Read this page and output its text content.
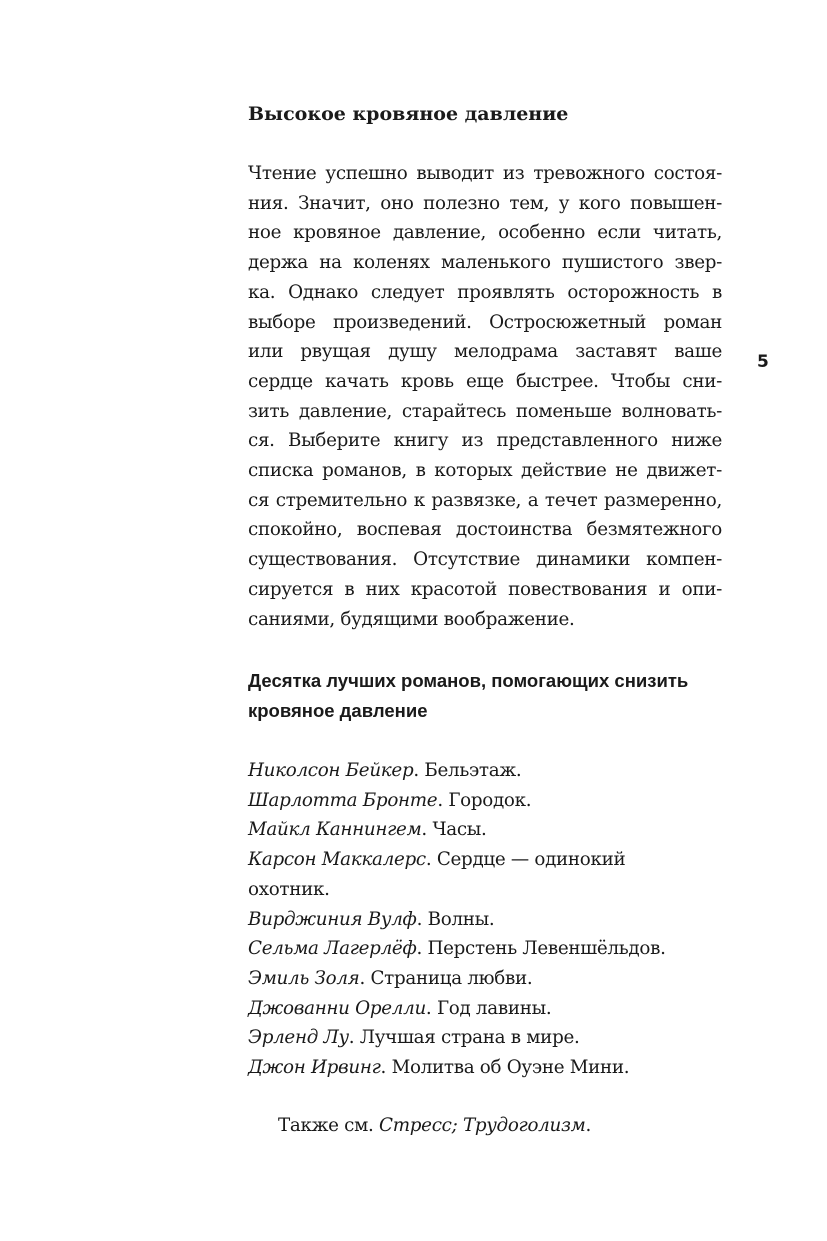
Высокое кровяное давление
5

Чтение успешно выводит из тревожного состоя-
ния. Значит, оно полезно тем, у кого повышен-
ное кровяное давление, особенно если читать,
держа на коленях маленького пушистого звер-
ка. Однако следует проявлять осторожность в
выборе произведений. Остросюжетный роман
или рвущая душу мелодрама заставят ваше
сердце качать кровь еще быстрее. Чтобы сни-
зить давление, старайтесь поменьше волновать-
ся. Выберите книгу из представленного ниже
списка романов, в которых действие не движет-
ся стремительно к развязке, а течет размеренно,
спокойно, воспевая достоинства безмятежного
существования. Отсутствие динамики компен-
сируется в них красотой повествования и опи-
саниями, будящими воображение.

Десятка лучших романов, помогающих снизить
кровяное давление
Николсон Бейкер. Бельэтаж.
Шарлотта Бронте. Городок.
Майкл Каннингем. Часы.
Карсон Маккалерс. Сердце — одинокий
охотник.
Вирджиния Вулф. Волны.
Сельма Лагерлёф. Перстень Левеншёльдов.
Эмиль Золя. Страница любви.
Джованни Орелли. Год лавины.
Эрленд Лу. Лучшая страна в мире.
Джон Ирвинг. Молитва об Оуэне Мини.

Также см. Стресс; Трудоголизм.
